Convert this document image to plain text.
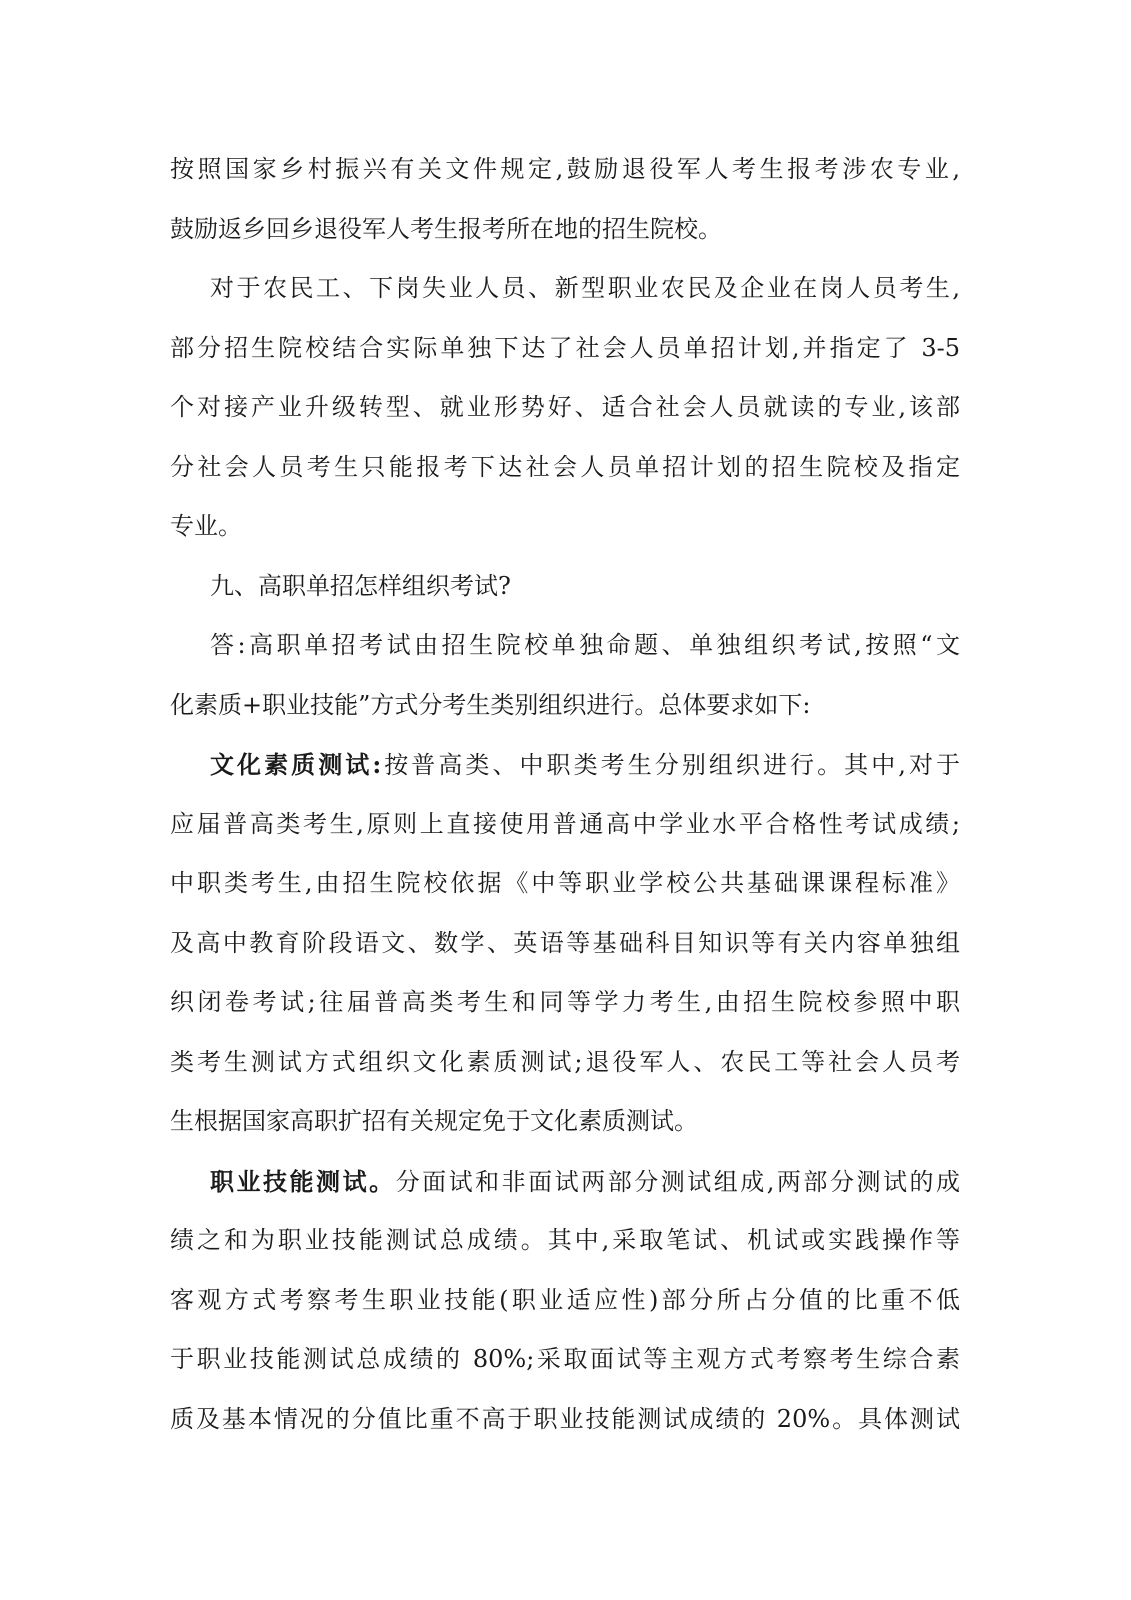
按照国家乡村振兴有关文件规定,鼓励退役军人考生报考涉农专业,
鼓励返乡回乡退役军人考生报考所在地的招生院校。
对于农民工、下岗失业人员、新型职业农民及企业在岗人员考生,
部分招生院校结合实际单独下达了社会人员单招计划,并指定了 3-5
个对接产业升级转型、就业形势好、适合社会人员就读的专业,该部
分社会人员考生只能报考下达社会人员单招计划的招生院校及指定
专业。
九、高职单招怎样组织考试?
答:高职单招考试由招生院校单独命题、单独组织考试,按照“文
化素质+职业技能”方式分考生类别组织进行。总体要求如下:
文化素质测试:按普高类、中职类考生分别组织进行。其中,对于
应届普高类考生,原则上直接使用普通高中学业水平合格性考试成绩;
中职类考生,由招生院校依据《中等职业学校公共基础课课程标准》
及高中教育阶段语文、数学、英语等基础科目知识等有关内容单独组
织闭卷考试;往届普高类考生和同等学力考生,由招生院校参照中职
类考生测试方式组织文化素质测试;退役军人、农民工等社会人员考
生根据国家高职扩招有关规定免于文化素质测试。
职业技能测试。分面试和非面试两部分测试组成,两部分测试的成
绩之和为职业技能测试总成绩。其中,采取笔试、机试或实践操作等
客观方式考察考生职业技能(职业适应性)部分所占分值的比重不低
于职业技能测试总成绩的 80%;采取面试等主观方式考察考生综合素
质及基本情况的分值比重不高于职业技能测试成绩的 20%。具体测试
